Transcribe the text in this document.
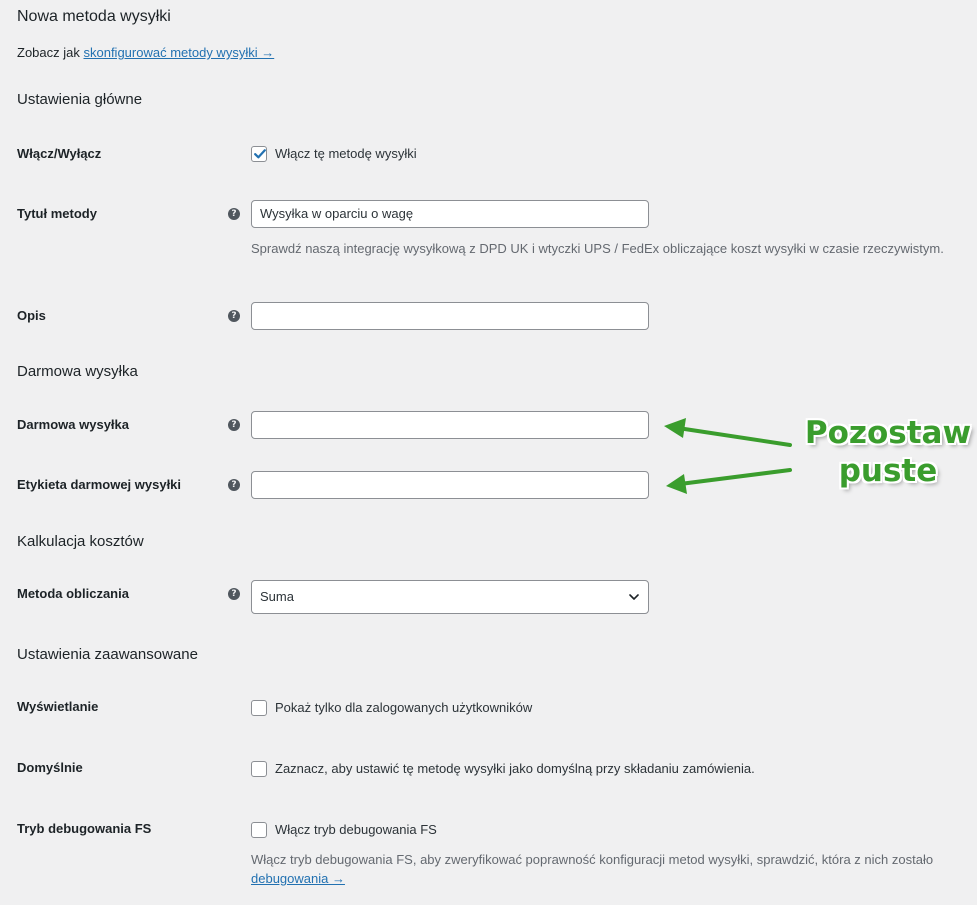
Nowa metoda wysyłki
Zobacz jak skonfigurować metody wysyłki →
Ustawienia główne
Włącz/Wyłącz	Włącz tę metodę wysyłki
Tytuł metody	?	Wysyłka w oparciu o wagę
Sprawdź naszą integrację wysyłkową z DPD UK i wtyczki UPS / FedEx obliczające koszt wysyłki w czasie rzeczywistym.
Opis	?
Darmowa wysyłka
Darmowa wysyłka	?
Etykieta darmowej wysyłki	?
Kalkulacja kosztów
Metoda obliczania	?	Suma
Ustawienia zaawansowane
Wyświetlanie	Pokaż tylko dla zalogowanych użytkowników
Domyślnie	Zaznacz, aby ustawić tę metodę wysyłki jako domyślną przy składaniu zamówienia.
Tryb debugowania FS	Włącz tryb debugowania FS
Włącz tryb debugowania FS, aby zweryfikować poprawność konfiguracji metod wysyłki, sprawdzić, która z nich zostało
debugowania →
Pozostaw
puste
